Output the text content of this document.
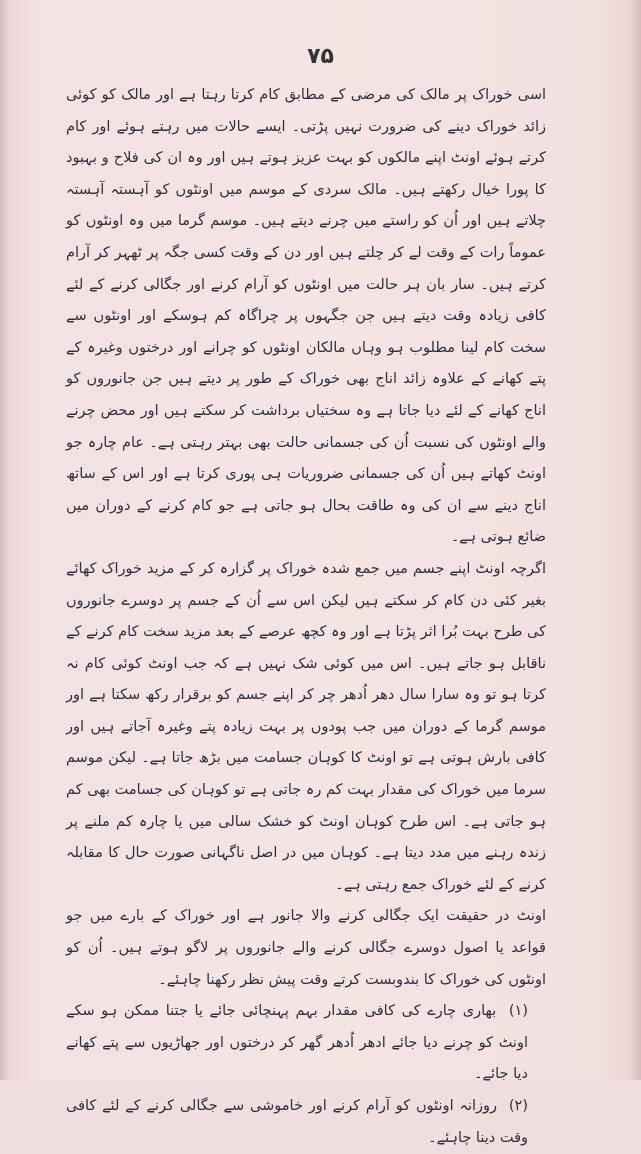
۷۵

اسی خوراک پر مالک کی مرضی کے مطابق کام کرتا رہتا ہے اور مالک کو کوئی زائد خوراک دینے کی ضرورت نہیں پڑتی۔ ایسے حالات میں رہتے ہوئے اور کام کرتے ہوئے اونٹ اپنے مالکوں کو بہت عزیز ہوتے ہیں اور وہ ان کی فلاح و بہبود کا پورا خیال رکھتے ہیں۔ مالک سردی کے موسم میں اونٹوں کو آہستہ آہستہ چلاتے ہیں اور اُن کو راستے میں چرنے دیتے ہیں۔ موسم گرما میں وہ اونٹوں کو عموماً رات کے وقت لے کر چلتے ہیں اور دن کے وقت کسی جگہ پر ٹھہر کر آرام کرتے ہیں۔ سار بان ہر حالت میں اونٹوں کو آرام کرنے اور جگالی کرنے کے لئے کافی زیادہ وقت دیتے ہیں جن جگہوں پر چراگاہ کم ہوسکے اور اونٹوں سے سخت کام لینا مطلوب ہو وہاں مالکان اونٹوں کو چرانے اور درختوں وغیرہ کے پتے کھانے کے علاوہ زائد اناج بھی خوراک کے طور پر دیتے ہیں جن جانوروں کو اناج کھانے کے لئے دیا جاتا ہے وہ سختیاں برداشت کر سکتے ہیں اور محض چرنے والے اونٹوں کی نسبت اُن کی جسمانی حالت بھی بہتر رہتی ہے۔ عام چارہ جو اونٹ کھاتے ہیں اُن کی جسمانی ضروریات ہی پوری کرتا ہے اور اس کے ساتھ اناج دینے سے ان کی وہ طاقت بحال ہو جاتی ہے جو کام کرنے کے دوران میں ضائع ہوتی ہے۔

اگرچہ اونٹ اپنے جسم میں جمع شدہ خوراک پر گزارہ کر کے مزید خوراک کھائے بغیر کئی دن کام کر سکتے ہیں لیکن اس سے اُن کے جسم پر دوسرے جانوروں کی طرح بہت بُرا اثر پڑتا ہے اور وہ کچھ عرصے کے بعد مزید سخت کام کرنے کے ناقابل ہو جاتے ہیں۔ اس میں کوئی شک نہیں ہے کہ جب اونٹ کوئی کام نہ کرتا ہو تو وہ سارا سال دھر اُدھر چر کر اپنے جسم کو برقرار رکھ سکتا ہے اور موسم گرما کے دوران میں جب پودوں پر بہت زیادہ پتے وغیرہ آجاتے ہیں اور کافی بارش ہوتی ہے تو اونٹ کا کوہان جسامت میں بڑھ جاتا ہے۔ لیکن موسم سرما میں خوراک کی مقدار بہت کم رہ جاتی ہے تو کوہان کی جسامت بھی کم ہو جاتی ہے۔ اس طرح کوہان اونٹ کو خشک سالی میں یا چارہ کم ملنے پر زندہ رہنے میں مدد دیتا ہے۔ کوہان میں در اصل ناگہانی صورت حال کا مقابلہ کرنے کے لئے خوراک جمع رہتی ہے۔

اونٹ در حقیقت ایک جگالی کرنے والا جانور ہے اور خوراک کے بارے میں جو قواعد یا اصول دوسرے جگالی کرنے والے جانوروں پر لاگو ہوتے ہیں۔ اُن کو اونٹوں کی خوراک کا بندوبست کرتے وقت پیش نظر رکھنا چاہئے۔

(۱) بھاری چارے کی کافی مقدار بہم پہنچائی جائے یا جتنا ممکن ہو سکے اونٹ کو چرنے دیا جائے ادھر اُدھر گھر کر درختوں اور جھاڑیوں سے پتے کھانے دیا جائے۔

(۲) روزانہ اونٹوں کو آرام کرنے اور خاموشی سے جگالی کرنے کے لئے کافی وقت دینا چاہئے۔
